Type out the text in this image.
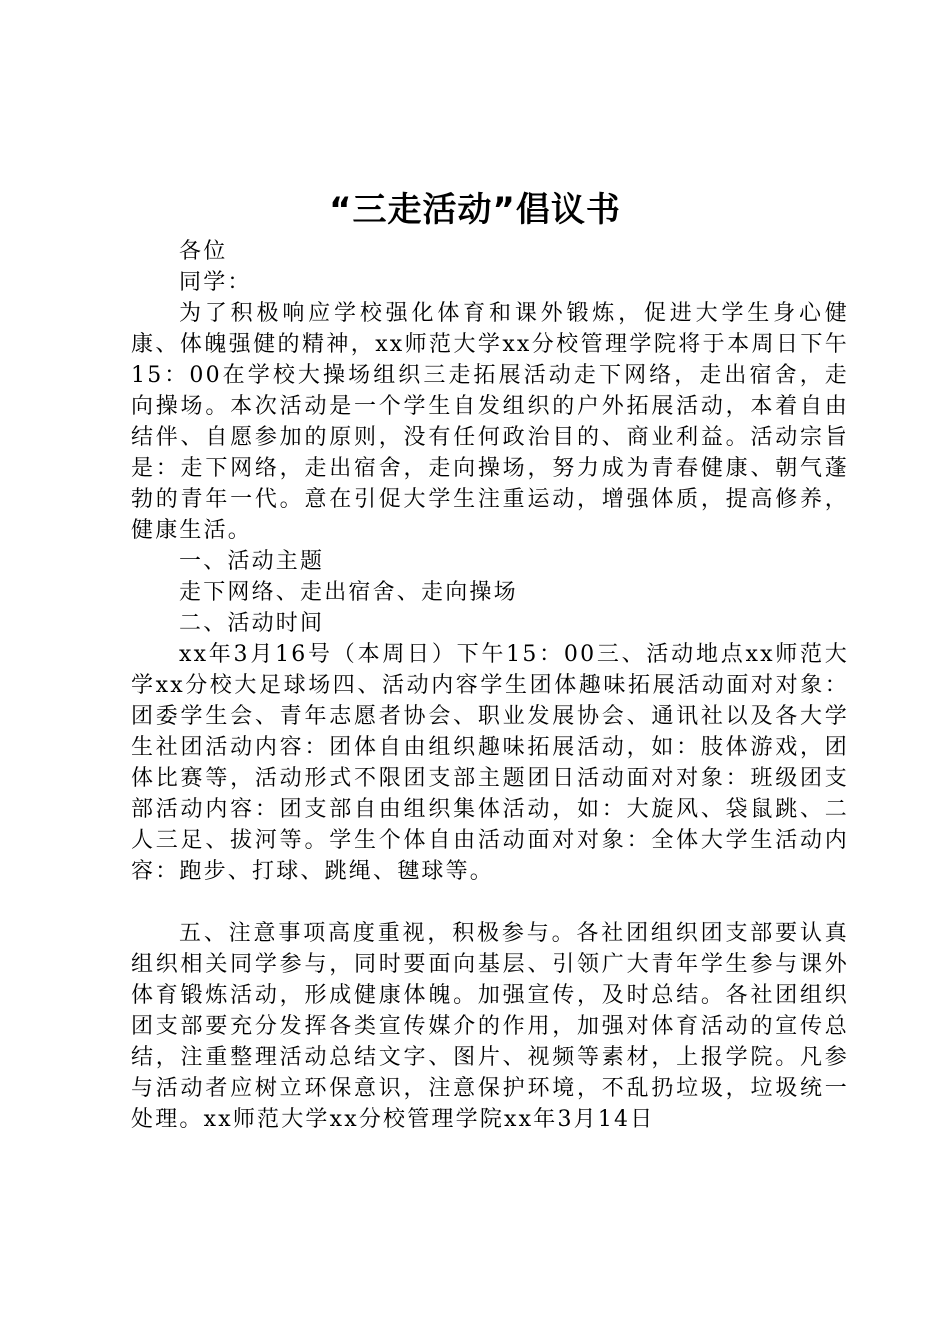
“三走活动”倡议书

各位

同学：

为了积极响应学校强化体育和课外锻炼，促进大学生身心健康、体魄强健的精神，xx师范大学xx分校管理学院将于本周日下午15：00在学校大操场组织三走拓展活动走下网络，走出宿舍，走向操场。本次活动是一个学生自发组织的户外拓展活动，本着自由结伴、自愿参加的原则，没有任何政治目的、商业利益。活动宗旨是：走下网络，走出宿舍，走向操场，努力成为青春健康、朝气蓬勃的青年一代。意在引促大学生注重运动，增强体质，提高修养，健康生活。

一、活动主题

走下网络、走出宿舍、走向操场

二、活动时间

xx年3月16号（本周日）下午15：00三、活动地点xx师范大学xx分校大足球场四、活动内容学生团体趣味拓展活动面对对象：团委学生会、青年志愿者协会、职业发展协会、通讯社以及各大学生社团活动内容：团体自由组织趣味拓展活动，如：肢体游戏，团体比赛等，活动形式不限团支部主题团日活动面对对象：班级团支部活动内容：团支部自由组织集体活动，如：大旋风、袋鼠跳、二人三足、拔河等。学生个体自由活动面对对象：全体大学生活动内容：跑步、打球、跳绳、毽球等。

五、注意事项高度重视，积极参与。各社团组织团支部要认真组织相关同学参与，同时要面向基层、引领广大青年学生参与课外体育锻炼活动，形成健康体魄。加强宣传，及时总结。各社团组织团支部要充分发挥各类宣传媒介的作用，加强对体育活动的宣传总结，注重整理活动总结文字、图片、视频等素材，上报学院。凡参与活动者应树立环保意识，注意保护环境，不乱扔垃圾，垃圾统一处理。xx师范大学xx分校管理学院xx年3月14日
